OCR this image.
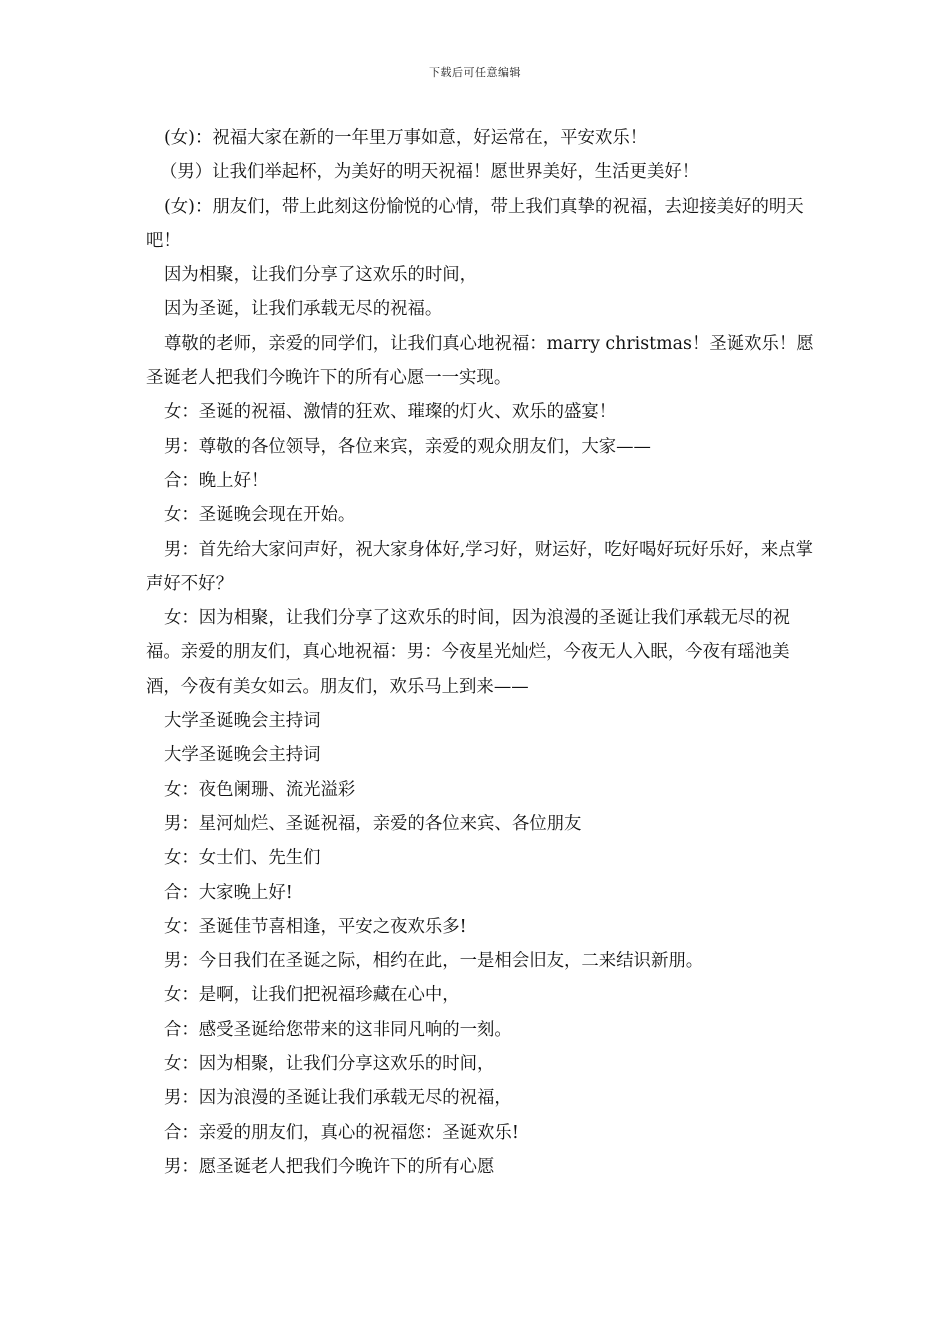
下载后可任意编辑

(女)：祝福大家在新的一年里万事如意，好运常在，平安欢乐！

（男）让我们举起杯，为美好的明天祝福！愿世界美好，生活更美好！

(女)：朋友们，带上此刻这份愉悦的心情，带上我们真挚的祝福，去迎接美好的明天吧！

因为相聚，让我们分享了这欢乐的时间，

因为圣诞，让我们承载无尽的祝福。

尊敬的老师，亲爱的同学们，让我们真心地祝福：marry christmas！圣诞欢乐！愿圣诞老人把我们今晚许下的所有心愿一一实现。

女：圣诞的祝福、激情的狂欢、璀璨的灯火、欢乐的盛宴！

男：尊敬的各位领导，各位来宾，亲爱的观众朋友们，大家——

合：晚上好！

女：圣诞晚会现在开始。

男：首先给大家问声好，祝大家身体好,学习好，财运好，吃好喝好玩好乐好，来点掌声好不好？

女：因为相聚，让我们分享了这欢乐的时间，因为浪漫的圣诞让我们承载无尽的祝福。亲爱的朋友们，真心地祝福：男：今夜星光灿烂，今夜无人入眠，今夜有瑶池美酒，今夜有美女如云。朋友们，欢乐马上到来——

大学圣诞晚会主持词

大学圣诞晚会主持词

女：夜色阑珊、流光溢彩

男：星河灿烂、圣诞祝福，亲爱的各位来宾、各位朋友

女：女士们、先生们

合：大家晚上好!

女：圣诞佳节喜相逢，平安之夜欢乐多!

男：今日我们在圣诞之际，相约在此，一是相会旧友，二来结识新朋。

女：是啊，让我们把祝福珍藏在心中，

合：感受圣诞给您带来的这非同凡响的一刻。

女：因为相聚，让我们分享这欢乐的时间，

男：因为浪漫的圣诞让我们承载无尽的祝福，

合：亲爱的朋友们，真心的祝福您：圣诞欢乐!

男：愿圣诞老人把我们今晚许下的所有心愿
